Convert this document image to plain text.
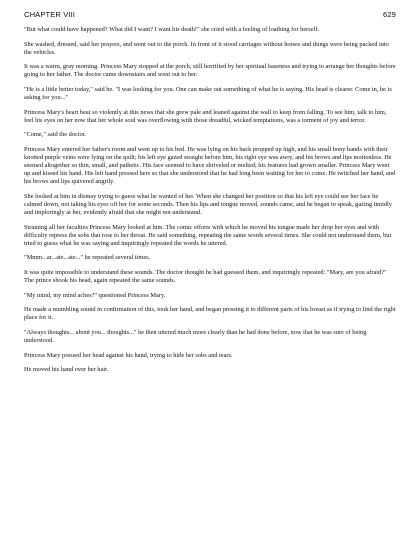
CHAPTER VIII	629

"But what could have happened? What did I want? I want his death!" she cried with a feeling of loathing for herself.

She washed, dressed, said her prayers, and went out to the porch. In front of it stood carriages without horses and things were being packed into the vehicles.

It was a warm, gray morning. Princess Mary stopped at the porch, still horrified by her spiritual baseness and trying to arrange her thoughts before going to her father. The doctor came downstairs and went out to her.

"He is a little better today," said he. "I was looking for you. One can make out something of what he is saying. His head is clearer. Come in, he is asking for you..."

Princess Mary's heart beat so violently at this news that she grew pale and leaned against the wall to keep from falling. To see him, talk to him, feel his eyes on her now that her whole soul was overflowing with those dreadful, wicked temptations, was a torment of joy and terror.

"Come," said the doctor.

Princess Mary entered her father's room and went up to his bed. He was lying on his back propped up high, and his small bony hands with their knotted purple veins were lying on the quilt; his left eye gazed straight before him, his right eye was awry, and his brows and lips motionless. He seemed altogether so thin, small, and pathetic. His face seemed to have shriveled or melted; his features had grown smaller. Princess Mary went up and kissed his hand. His left hand pressed hers so that she understood that he had long been waiting for her to come. He twitched her hand, and his brows and lips quivered angrily.

She looked at him in dismay trying to guess what he wanted of her. When she changed her position so that his left eye could see her face he calmed down, not taking his eyes off her for some seconds. Then his lips and tongue moved, sounds came, and he began to speak, gazing timidly and imploringly at her, evidently afraid that she might not understand.

Straining all her faculties Princess Mary looked at him. The comic efforts with which he moved his tongue made her drop her eyes and with difficulty repress the sobs that rose to her throat. He said something, repeating the same words several times. She could not understand them, but tried to guess what he was saying and inquiringly repeated the words he uttered.

"Mmm...ar...ate...ate..." he repeated several times.

It was quite impossible to understand these sounds. The doctor thought he had guessed them, and inquiringly repeated: "Mary, are you afraid?" The prince shook his head, again repeated the same sounds.

"My mind, my mind aches?" questioned Princess Mary.

He made a mumbling sound in confirmation of this, took her hand, and began pressing it to different parts of his breast as if trying to find the right place for it.

"Always thoughts... about you... thoughts..." he then uttered much more clearly than he had done before, now that he was sure of being understood.

Princess Mary pressed her head against his hand, trying to hide her sobs and tears.

He moved his hand over her hair.
